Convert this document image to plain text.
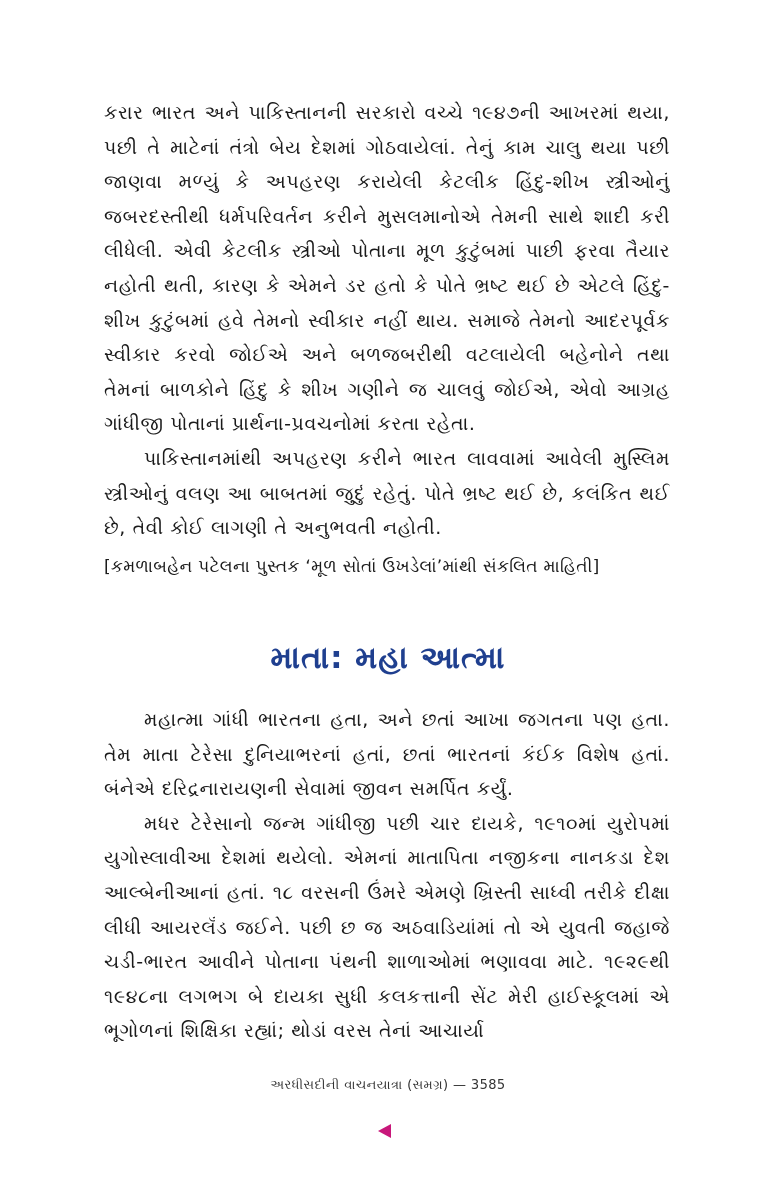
કરાર ભારત અને પાકિસ્તાનની સરકારો વચ્ચે ૧૯૪૭ની આખરમાં થયા, પછી તે માટેનાં તંત્રો બેય દેશમાં ગોઠવાયેલાં. તેનું કામ ચાલુ થયા પછી જાણવા મળ્યું કે અપહરણ કરાયેલી કેટલીક હિંદુ-શીખ સ્ત્રીઓનું જબરદસ્તીથી ધર્મપરિવર્તન કરીને મુસલમાનોએ તેમની સાથે શાદી કરી લીધેલી. એવી કેટલીક સ્ત્રીઓ પોતાના મૂળ કુટુંબમાં પાછી ફરવા તૈયાર નહોતી થતી, કારણ કે એમને ડર હતો કે પોતે ભ્રષ્ટ થઈ છે એટલે હિંદુ-શીખ કુટુંબમાં હવે તેમનો સ્વીકાર નહીં થાય. સમાજે તેમનો આદરપૂર્વક સ્વીકાર કરવો જોઈએ અને બળજબરીથી વટલાયેલી બહેનોને તથા તેમનાં બાળકોને હિંદુ કે શીખ ગણીને જ ચાલવું જોઈએ, એવો આગ્રહ ગાંધીજી પોતાનાં પ્રાર્થના-પ્રવચનોમાં કરતા રહેતા.

પાકિસ્તાનમાંથી અપહરણ કરીને ભારત લાવવામાં આવેલી મુસ્લિમ સ્ત્રીઓનું વલણ આ બાબતમાં જુદું રહેતું. પોતે ભ્રષ્ટ થઈ છે, કલંકિત થઈ છે, તેવી કોઈ લાગણી તે અનુભવતી નહોતી.

[કમળાબહેન પટેલના પુસ્તક ‘મૂળ સોતાં ઉખડેલાં’માંથી સંકલિત માહિતી]

માતા: મહા આત્મા

મહાત્મા ગાંધી ભારતના હતા, અને છતાં આખા જગતના પણ હતા. તેમ માતા ટેરેસા દુનિયાભરનાં હતાં, છતાં ભારતનાં કંઈક વિશેષ હતાં. બંનેએ દરિદ્રનારાયણની સેવામાં જીવન સમર્પિત કર્યું.

મધર ટેરેસાનો જન્મ ગાંધીજી પછી ચાર દાયકે, ૧૯૧૦માં યુરોપમાં યુગોસ્લાવીઆ દેશમાં થયેલો. એમનાં માતાપિતા નજીકના નાનકડા દેશ આલ્બેનીઆનાં હતાં. ૧૮ વરસની ઉંમરે એમણે ખ્રિસ્તી સાધ્વી તરીકે દીક્ષા લીધી આયરલૅંડ જઈને. પછી છ જ અઠવાડિયાંમાં તો એ યુવતી જહાજે ચડી-ભારત આવીને પોતાના પંથની શાળાઓમાં ભણાવવા માટે. ૧૯૨૯થી ૧૯૪૮ના લગભગ બે દાયકા સુધી કલકત્તાની સેંટ મેરી હાઈસ્કૂલમાં એ ભૂગોળનાં શિક્ષિકા રહ્યાં; થોડાં વરસ તેનાં આચાર્યા

અરધીસદીની વાચનયાત્રા (સમગ્ર) — 3585
